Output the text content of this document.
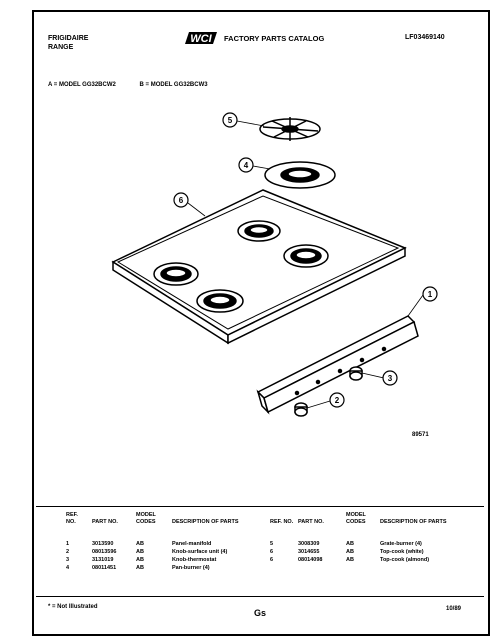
FRIGIDAIRE
RANGE
WCI FACTORY PARTS CATALOG	LF03469140
A = MODEL GG32BCW2	B = MODEL GG32BCW3
5
4
6
1
3
2
89571
REF. NO.	PART NO.	MODEL CODES	DESCRIPTION OF PARTS

1	3013590	AB	Panel-manifold
2	08013596	AB	Knob-surface unit (4)
3	3131019	AB	Knob-thermostat
4	08011451	AB	Pan-burner (4)
REF. NO.	PART NO.	MODEL CODES	DESCRIPTION OF PARTS

5	3008309	AB	Grate-burner (4)
6	3014655	AB	Top-cook (white)
6	08014098	AB	Top-cook (almond)
* = Not Illustrated
Gs	10/89
